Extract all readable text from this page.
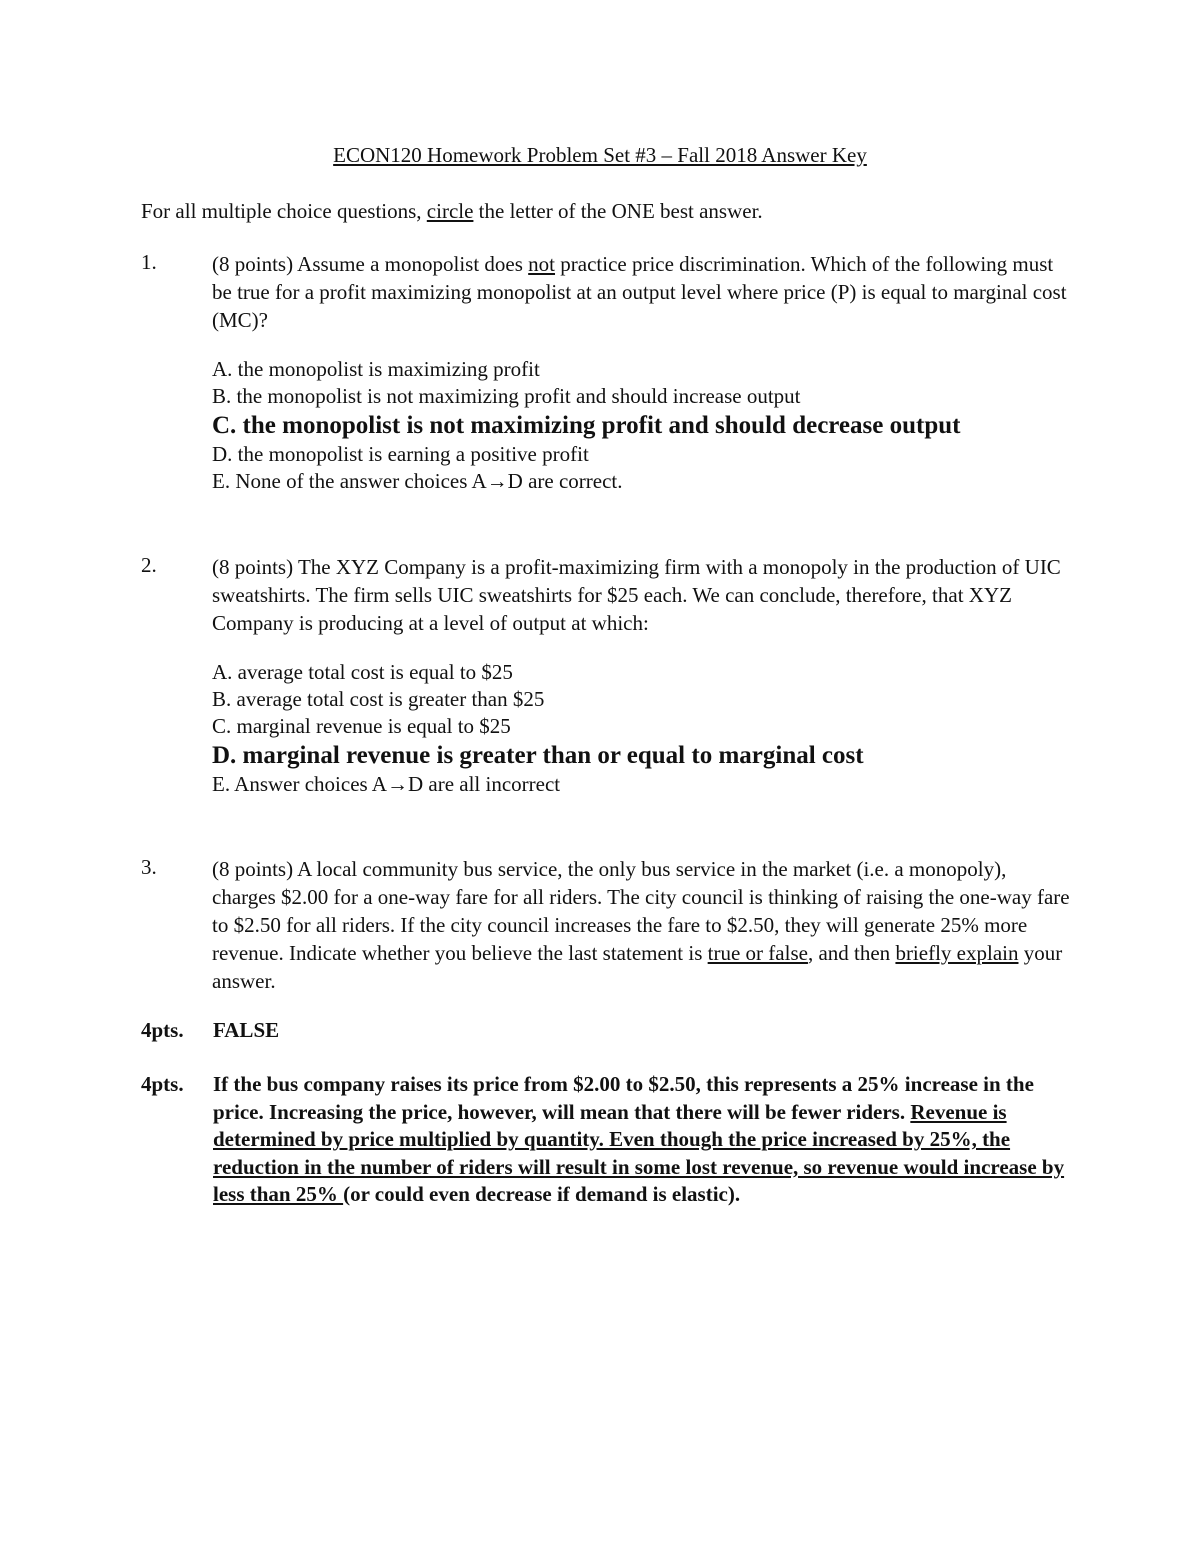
ECON120 Homework Problem Set #3 – Fall 2018 Answer Key
For all multiple choice questions, circle the letter of the ONE best answer.
1.	(8 points) Assume a monopolist does not practice price discrimination. Which of the following must be true for a profit maximizing monopolist at an output level where price (P) is equal to marginal cost (MC)?
A. the monopolist is maximizing profit
B. the monopolist is not maximizing profit and should increase output
C. the monopolist is not maximizing profit and should decrease output
D. the monopolist is earning a positive profit
E. None of the answer choices A→D are correct.
2.	(8 points) The XYZ Company is a profit-maximizing firm with a monopoly in the production of UIC sweatshirts. The firm sells UIC sweatshirts for $25 each. We can conclude, therefore, that XYZ Company is producing at a level of output at which:
A. average total cost is equal to $25
B. average total cost is greater than $25
C. marginal revenue is equal to $25
D. marginal revenue is greater than or equal to marginal cost
E. Answer choices A→D are all incorrect
3.	(8 points) A local community bus service, the only bus service in the market (i.e. a monopoly), charges $2.00 for a one-way fare for all riders. The city council is thinking of raising the one-way fare to $2.50 for all riders. If the city council increases the fare to $2.50, they will generate 25% more revenue. Indicate whether you believe the last statement is true or false, and then briefly explain your answer.
4pts. FALSE
4pts. If the bus company raises its price from $2.00 to $2.50, this represents a 25% increase in the price. Increasing the price, however, will mean that there will be fewer riders. Revenue is determined by price multiplied by quantity. Even though the price increased by 25%, the reduction in the number of riders will result in some lost revenue, so revenue would increase by less than 25% (or could even decrease if demand is elastic).
